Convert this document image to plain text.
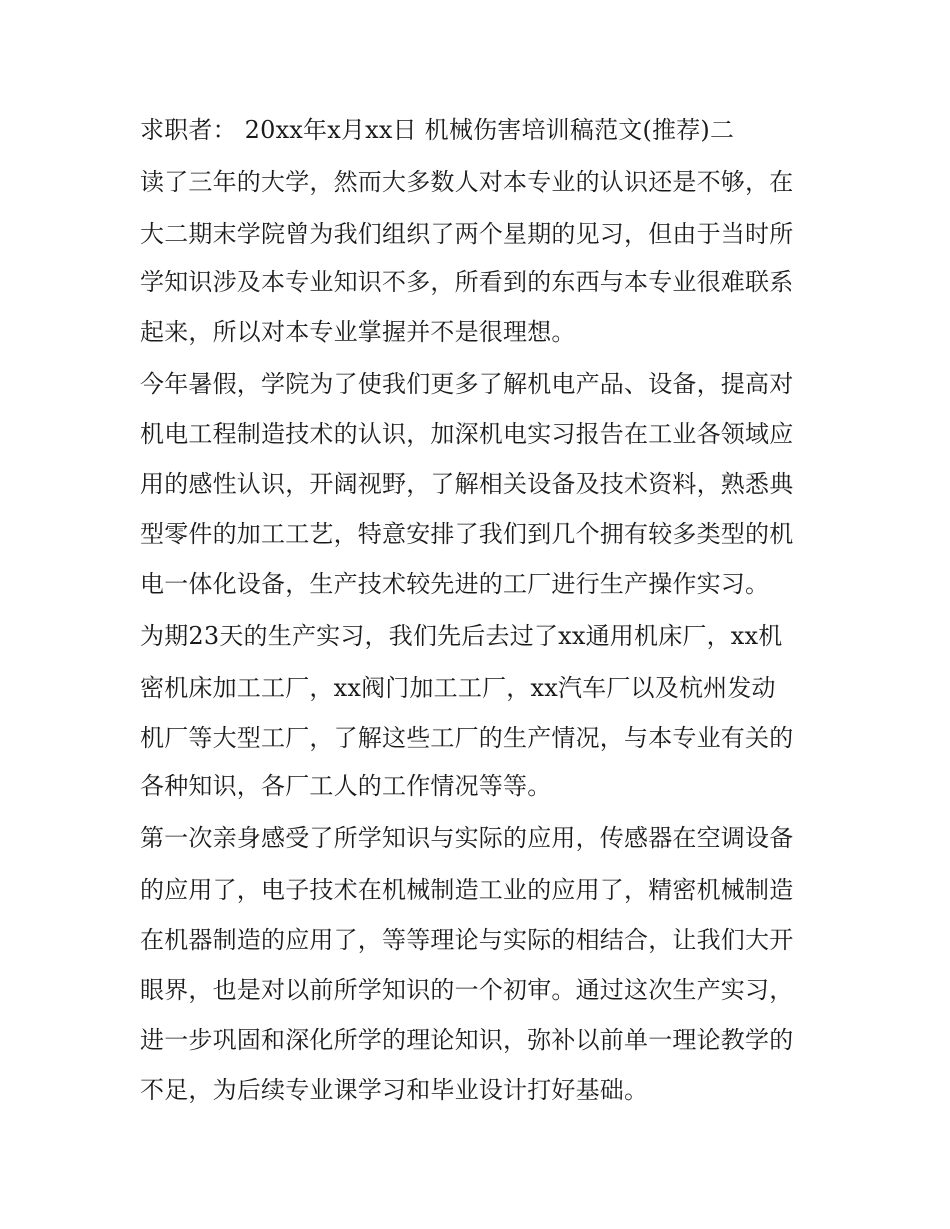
求职者： 20xx年x月xx日 机械伤害培训稿范文(推荐)二
读了三年的大学，然而大多数人对本专业的认识还是不够，在
大二期末学院曾为我们组织了两个星期的见习，但由于当时所
学知识涉及本专业知识不多，所看到的东西与本专业很难联系
起来，所以对本专业掌握并不是很理想。
今年暑假，学院为了使我们更多了解机电产品、设备，提高对
机电工程制造技术的认识，加深机电实习报告在工业各领域应
用的感性认识，开阔视野，了解相关设备及技术资料，熟悉典
型零件的加工工艺，特意安排了我们到几个拥有较多类型的机
电一体化设备，生产技术较先进的工厂进行生产操作实习。
为期23天的生产实习，我们先后去过了xx通用机床厂，xx机
密机床加工工厂，xx阀门加工工厂，xx汽车厂以及杭州发动
机厂等大型工厂，了解这些工厂的生产情况，与本专业有关的
各种知识，各厂工人的工作情况等等。
第一次亲身感受了所学知识与实际的应用，传感器在空调设备
的应用了，电子技术在机械制造工业的应用了，精密机械制造
在机器制造的应用了，等等理论与实际的相结合，让我们大开
眼界，也是对以前所学知识的一个初审。通过这次生产实习，
进一步巩固和深化所学的理论知识，弥补以前单一理论教学的
不足，为后续专业课学习和毕业设计打好基础。
